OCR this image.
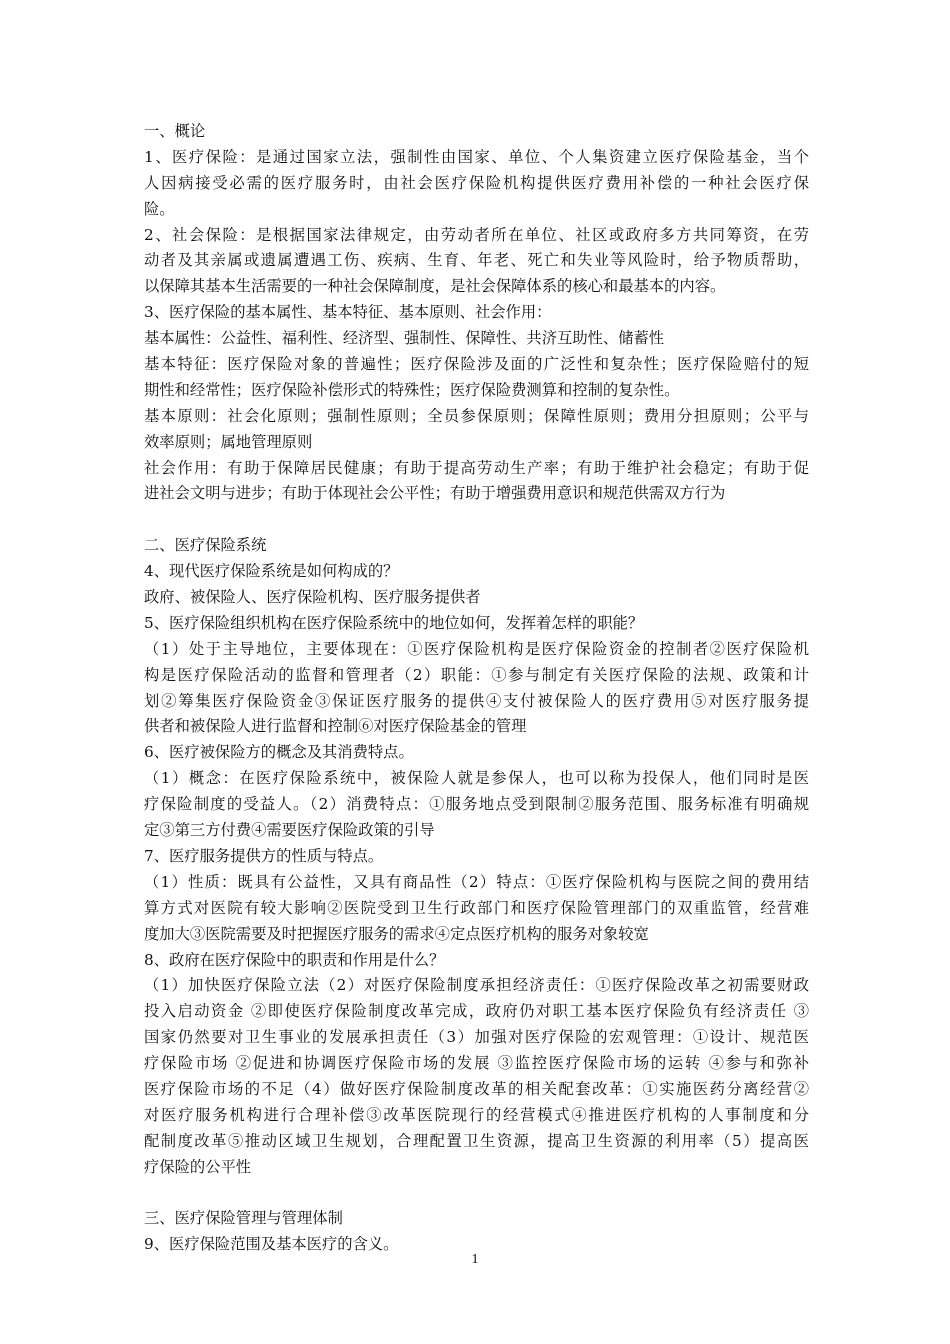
一、概论
1、医疗保险：是通过国家立法，强制性由国家、单位、个人集资建立医疗保险基金，当个
人因病接受必需的医疗服务时，由社会医疗保险机构提供医疗费用补偿的一种社会医疗保
险。
2、社会保险：是根据国家法律规定，由劳动者所在单位、社区或政府多方共同筹资，在劳
动者及其亲属或遗属遭遇工伤、疾病、生育、年老、死亡和失业等风险时，给予物质帮助，
以保障其基本生活需要的一种社会保障制度，是社会保障体系的核心和最基本的内容。
3、医疗保险的基本属性、基本特征、基本原则、社会作用：
基本属性：公益性、福利性、经济型、强制性、保障性、共济互助性、储蓄性
基本特征：医疗保险对象的普遍性；医疗保险涉及面的广泛性和复杂性；医疗保险赔付的短
期性和经常性；医疗保险补偿形式的特殊性；医疗保险费测算和控制的复杂性。
基本原则：社会化原则；强制性原则；全员参保原则；保障性原则；费用分担原则；公平与
效率原则；属地管理原则
社会作用：有助于保障居民健康；有助于提高劳动生产率；有助于维护社会稳定；有助于促
进社会文明与进步；有助于体现社会公平性；有助于增强费用意识和规范供需双方行为
二、医疗保险系统
4、现代医疗保险系统是如何构成的？
政府、被保险人、医疗保险机构、医疗服务提供者
5、医疗保险组织机构在医疗保险系统中的地位如何，发挥着怎样的职能？
（1）处于主导地位，主要体现在：①医疗保险机构是医疗保险资金的控制者②医疗保险机
构是医疗保险活动的监督和管理者（2）职能：①参与制定有关医疗保险的法规、政策和计
划②筹集医疗保险资金③保证医疗服务的提供④支付被保险人的医疗费用⑤对医疗服务提
供者和被保险人进行监督和控制⑥对医疗保险基金的管理
6、医疗被保险方的概念及其消费特点。
（1）概念：在医疗保险系统中，被保险人就是参保人，也可以称为投保人，他们同时是医
疗保险制度的受益人。（2）消费特点：①服务地点受到限制②服务范围、服务标准有明确规
定③第三方付费④需要医疗保险政策的引导
7、医疗服务提供方的性质与特点。
（1）性质：既具有公益性，又具有商品性（2）特点：①医疗保险机构与医院之间的费用结
算方式对医院有较大影响②医院受到卫生行政部门和医疗保险管理部门的双重监管，经营难
度加大③医院需要及时把握医疗服务的需求④定点医疗机构的服务对象较宽
8、政府在医疗保险中的职责和作用是什么？
（1）加快医疗保险立法（2）对医疗保险制度承担经济责任：①医疗保险改革之初需要财政
投入启动资金 ②即使医疗保险制度改革完成，政府仍对职工基本医疗保险负有经济责任 ③
国家仍然要对卫生事业的发展承担责任（3）加强对医疗保险的宏观管理：①设计、规范医
疗保险市场 ②促进和协调医疗保险市场的发展 ③监控医疗保险市场的运转 ④参与和弥补
医疗保险市场的不足（4）做好医疗保险制度改革的相关配套改革：①实施医药分离经营②
对医疗服务机构进行合理补偿③改革医院现行的经营模式④推进医疗机构的人事制度和分
配制度改革⑤推动区域卫生规划，合理配置卫生资源，提高卫生资源的利用率（5）提高医
疗保险的公平性
三、医疗保险管理与管理体制
9、医疗保险范围及基本医疗的含义。
1
